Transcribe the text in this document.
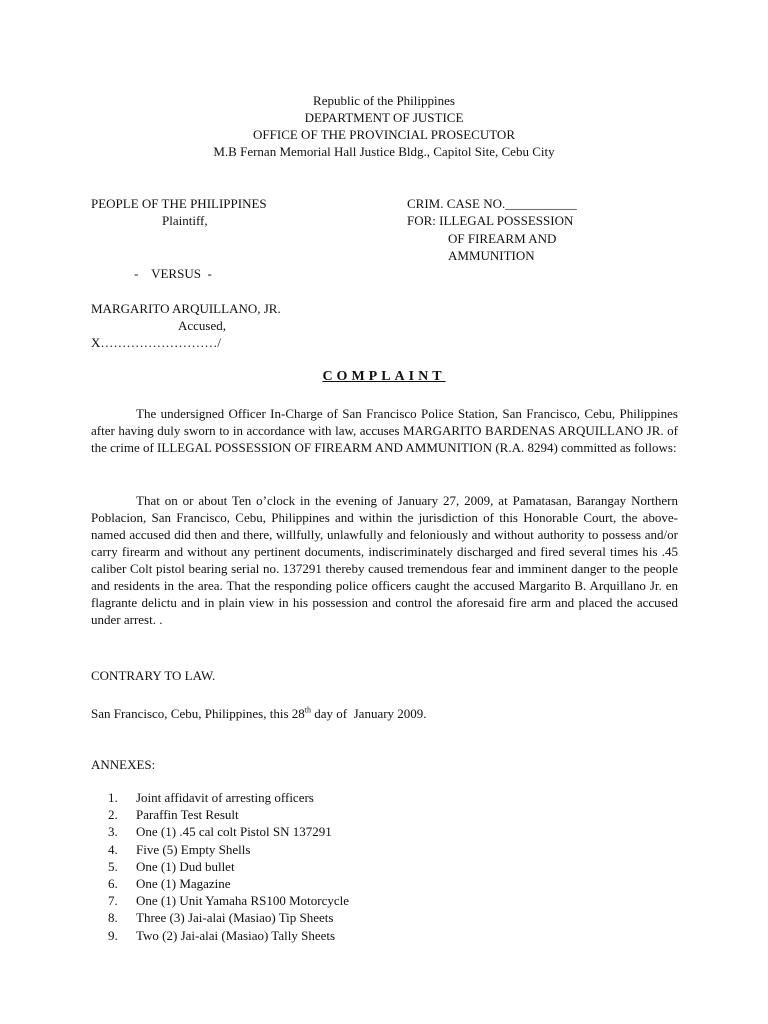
Republic of the Philippines
DEPARTMENT OF JUSTICE
OFFICE OF THE PROVINCIAL PROSECUTOR
M.B Fernan Memorial Hall Justice Bldg., Capitol Site, Cebu City
PEOPLE OF THE PHILIPPINES
Plaintiff,
-    VERSUS  -
MARGARITO ARQUILLANO, JR.
Accused,
X………………………/
CRIM. CASE NO.___________
FOR: ILLEGAL POSSESSION
OF FIREARM AND
AMMUNITION
COMPLAINT
The undersigned Officer In-Charge of San Francisco Police Station, San Francisco, Cebu, Philippines after having duly sworn to in accordance with law, accuses MARGARITO BARDENAS ARQUILLANO JR. of the crime of ILLEGAL POSSESSION OF FIREARM AND AMMUNITION (R.A. 8294) committed as follows:
That on or about Ten o’clock in the evening of January 27, 2009, at Pamatasan, Barangay Northern Poblacion, San Francisco, Cebu, Philippines and within the jurisdiction of this Honorable Court, the above-named accused did then and there, willfully, unlawfully and feloniously and without authority to possess and/or carry firearm and without any pertinent documents, indiscriminately discharged and fired several times his .45 caliber Colt pistol bearing serial no. 137291 thereby caused tremendous fear and imminent danger to the people and residents in the area. That the responding police officers caught the accused Margarito B. Arquillano Jr. en flagrante delictu and in plain view in his possession and control the aforesaid fire arm and placed the accused under arrest. .
CONTRARY TO LAW.
San Francisco, Cebu, Philippines, this 28th day of  January 2009.
ANNEXES:
1. Joint affidavit of arresting officers
2. Paraffin Test Result
3. One (1) .45 cal colt Pistol SN 137291
4. Five (5) Empty Shells
5. One (1) Dud bullet
6. One (1) Magazine
7. One (1) Unit Yamaha RS100 Motorcycle
8. Three (3) Jai-alai (Masiao) Tip Sheets
9. Two (2) Jai-alai (Masiao) Tally Sheets
